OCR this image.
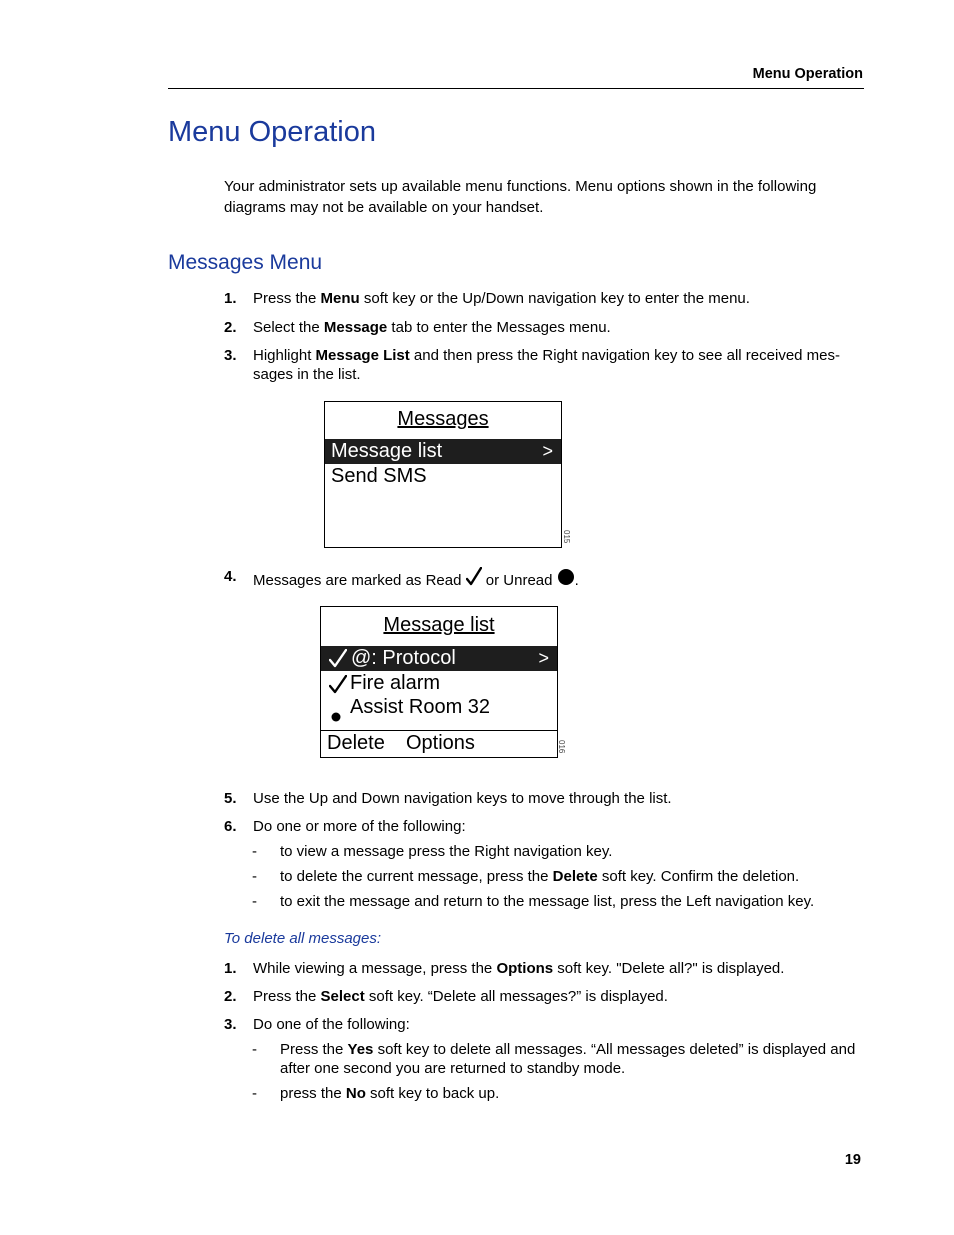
Menu Operation
Menu Operation
Your administrator sets up available menu functions. Menu options shown in the following diagrams may not be available on your handset.
Messages Menu
1. Press the Menu soft key or the Up/Down navigation key to enter the menu.
2. Select the Message tab to enter the Messages menu.
3. Highlight Message List and then press the Right navigation key to see all received mes-sages in the list.
Messages
Message list	>
Send SMS
015
4. Messages are marked as Read  or Unread .
Message list
@: Protocol	>
Fire alarm
Assist Room 32
Delete Options	016
5. Use the Up and Down navigation keys to move through the list.
6. Do one or more of the following:
- to view a message press the Right navigation key.
- to delete the current message, press the Delete soft key. Confirm the deletion.
- to exit the message and return to the message list, press the Left navigation key.
To delete all messages:
1. While viewing a message, press the Options soft key. "Delete all?" is displayed.
2. Press the Select soft key. “Delete all messages?” is displayed.
3. Do one of the following:
- Press the Yes soft key to delete all messages. “All messages deleted” is displayed and after one second you are returned to standby mode.
- press the No soft key to back up.
19
